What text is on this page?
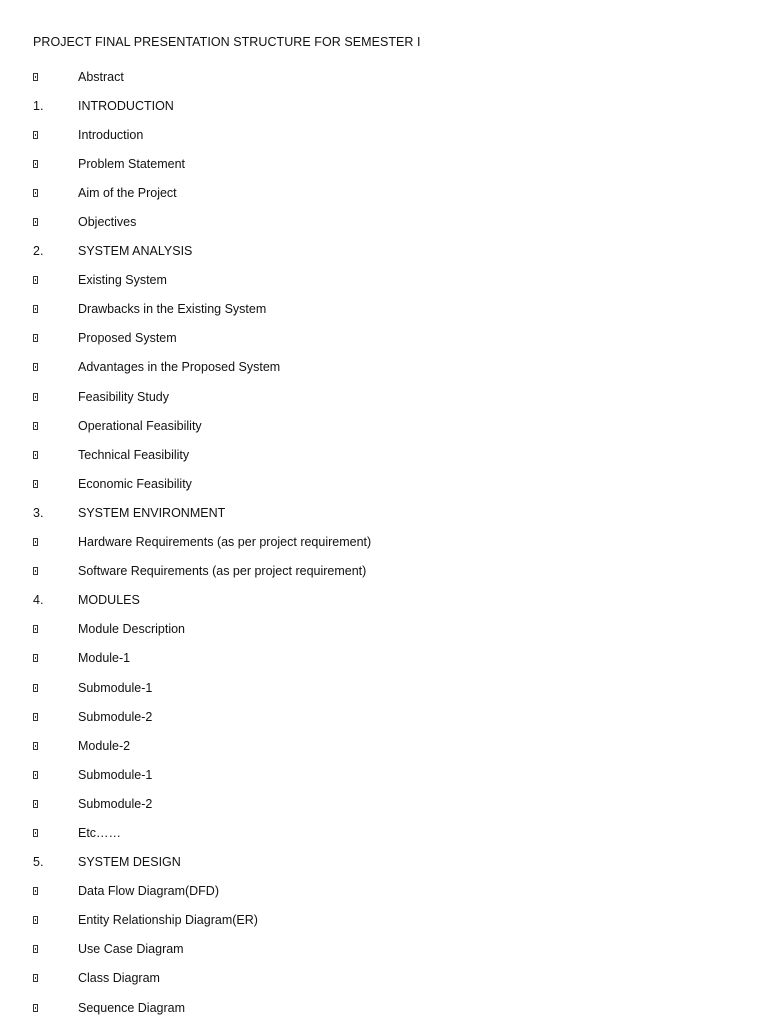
PROJECT FINAL PRESENTATION STRUCTURE FOR SEMESTER I
Abstract
1.	INTRODUCTION
Introduction
Problem Statement
Aim of the Project
Objectives
2.	SYSTEM ANALYSIS
Existing System
Drawbacks in the Existing System
Proposed System
Advantages in the Proposed System
Feasibility Study
Operational Feasibility
Technical Feasibility
Economic Feasibility
3.	SYSTEM ENVIRONMENT
Hardware Requirements (as per project requirement)
Software Requirements (as per project requirement)
4.	MODULES
Module Description
Module-1
Submodule-1
Submodule-2
Module-2
Submodule-1
Submodule-2
Etc……
5.	SYSTEM DESIGN
Data Flow Diagram(DFD)
Entity Relationship Diagram(ER)
Use Case Diagram
Class Diagram
Sequence Diagram
